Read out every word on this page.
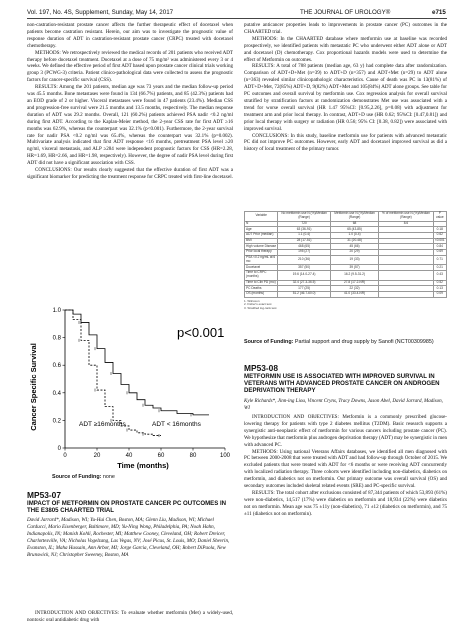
Vol. 197, No. 4S, Supplement, Sunday, May 14, 2017	THE JOURNAL OF UROLOGY®	e715

non-castration-resistant prostate cancer affects the further therapeutic effect of docetaxel when patients become castration resistant. Herein, our aim was to investigate the prognostic value of response duration of ADT in castration-resistant prostate cancer (CRPC) treated with docetaxel chemotherapy.

METHODS: We retrospectively reviewed the medical records of 201 patients who received ADT therapy before docetaxel treatment. Docetaxel at a dose of 75 mg/m² was administered every 3 or 4 weeks. We defined the effective period of first ADT based upon prostate cancer clinical trials working group 3 (PCWG-3) criteria. Patient clinico-pathological data were collected to assess the prognostic factors for cancer-specific survival (CSS).

RESULTS: Among the 201 patients, median age was 73 years and the median follow-up period was 45.5 months. Bone metastases were found in 134 (66.7%) patients, and 85 (42.3%) patients had an EOD grade of 2 or higher. Visceral metastases were found in 47 patients (23.4%). Median CSS and progression-free survival were 21.5 months and 13.5 months, respectively. The median response duration of ADT was 29.2 months. Overall, 121 (60.2%) patients achieved PSA nadir <0.2 ng/ml during first ADT. According to the Kaplan-Meier method, the 2-year CSS rate for first ADT ≥16 months was 62.9%, whereas the counterpart was 32.1% (p<0.001). Furthermore, the 2-year survival rate for nadir PSA <0.2 ng/ml was 65.4%, whereas the counterpart was 32.1% (p=0.002). Multivariate analysis indicated that first ADT response <16 months, pretreatment PSA level ≥20 ng/ml, visceral metastasis, and ALP ≥284 were independent prognostic factors for CSS (HR=2.28, HR=1.69, HR=2.66, and HR=1.98, respectively). However, the degree of nadir PSA level during first ADT did not have a significant association with CSS.

CONCLUSIONS: Our results clearly suggested that the effective duration of first ADT was a significant biomarker for predicting the treatment response for CRPC treated with first-line docetaxel.

0	20	40	60	80	100
0
0.2
0.4
0.6
0.8
1.0
Cancer Specific Survival
Time (months)
p<0.001
ADT ≥16months	ADT < 16months
Source of Funding: none
MP53-07
IMPACT OF METFORMIN ON PROSTATE CANCER PC OUTCOMES IN THE E3805 CHAARTED TRIAL
David Jarrard*, Madison, WI; Yu-Hui Chen, Boston, MA; Glenn Liu, Madison, WI; Michael Carducci, Mario Eisenberger, Baltimore, MD; Yu-Ning Wong, Philadelphia, PA; Noah Hahn, Indianapolis, IN; Manish Kohli, Rochester, MI; Matthew Cooney, Cleveland, OH; Robert Dreicer, Charlottesville, VA; Nicholas Vogelzang, Las Vegas, NV; José Picus, St. Louis, MO; Daniel Shevrin, Evanston, IL; Maha Hussain, Ann Arbor, MI; Jorge Garcia, Cleveland, OH; Robert DiPaola, New Brunswick, NJ; Christopher Sweeney, Boston, MA

INTRODUCTION AND OBJECTIVES: To evaluate whether metformin (Met) a widely-used, nontoxic oral antidiabetic drug with

putative anticancer properties leads to improvements in prostate cancer (PC) outcomes in the CHAARTED trial.

METHODS: In the CHAARTED database where metformin use at baseline was recorded prospectively, we identified patients with metastatic PC who underwent either ADT alone or ADT and docetaxel (D) chemotherapy. Cox proportional hazards models were used to determine the effect of Metformin on outcomes.

RESULTS: A total of 788 patients (median age, 63 y) had complete data after randomization. Comparison of ADT+D+Met (n=39) to ADT+D (n=357) and ADT+Met (n=29) to ADT alone (n=363) revealed similar clinicopathologic characteristics. Cause of death was PC in 13(81%) of ADT+D+Met, 72(85%) ADT+D, 9(82%) ADT+Met and 105(84%) ADT alone groups. See table for PC outcomes and overall survival by metformin use. Cox regression analysis for overall survival stratified by stratification factors at randomization demonstrates Met use was associated with a trend for worse overall survival (HR 1.47 95%CI: [0.95,2.26], p=0.08) with adjustment for treatment arm and prior local therapy. In contrast, ADT+D use (HR 0.62; 95%CI: [0.47,0.81]) and prior local therapy with surgery or radiation (HR 0.56; 95% CI: [0.38, 0.82]) were associated with improved survival.

CONCLUSIONS: In this study, baseline metformin use for patients with advanced metastatic PC did not improve PC outcomes. However, early ADT and docetaxel improved survival as did a history of local treatment of the primary tumor.

Variable	No metformin use N (%)/Median (Range)	Metformin use N (%)/Median (Range)	% of metformin use N (%)/Median (Range)	P value
N	720	68	8.6	
Age	63 (36-91)	65 (43-85)		0.18
ADT Prior (median)	1.1 (0-4)	1.0 (0-4)		0.62
BMI	28 (17-51)	31 (20-48)		<0.001
High volume Disease	468 (65)	45 (66)		0.84
Prior local therapy	195 (27)	20 (29)		0.69
PSA <0.2 ng/mL at 6 mo	210 (36)	19 (33)		0.71
Docetaxel	357 (50)	39 (57)		0.21
Time to CRPC (months)	19.6 (14.0-27.4)	16.2 (9.5-31.2)		0.43
Time to Clin PD (mo)	32.4 (27.3-36.5)	27.8 (17.2-NR)		0.52
PC Deaths	177 (25)	22 (32)		0.13
OS (months)	51.2 (46.7-60.0)	41.0 (33.4-NR)		0.09
1. Wilcoxon
2. Fisher's exact test
3. Stratified log-rank test
Source of Funding: Partial support and drug supply by Sanofi (NCT00309985)
MP53-08
METFORMIN USE IS ASSOCIATED WITH IMPROVED SURVIVAL IN VETERANS WITH ADVANCED PROSTATE CANCER ON ANDROGEN DEPRIVATION THERAPY
Kyle Richards*, Jinn-ing Liou, Vincent Cryns, Tracy Downs, Jason Abel, David Jarrard, Madison, WI

INTRODUCTION AND OBJECTIVES: Metformin is a commonly prescribed glucose-lowering therapy for patients with type 2 diabetes mellitus (T2DM). Basic research supports a synergistic anti-neoplastic effect of metformin for various cancers including prostate cancer (PC). We hypothesize that metformin plus androgen deprivation therapy (ADT) may be synergistic in men with advanced PC.

METHODS: Using national Veterans Affairs databases, we identified all men diagnosed with PC between 2000-2008 that were treated with ADT and had follow-up through October of 2015. We excluded patients that were treated with ADT for <6 months or were receiving ADT concurrently with localized radiation therapy. Three cohorts were identified including non-diabetics, diabetics on metformin, and diabetics not on metformin. Our primary outcome was overall survival (OS) and secondary outcomes included skeletal related events (SRE) and PC-specific survival.

RESULTS: The total cohort after exclusions consisted of 87,344 patients of which 53,893 (61%) were non-diabetics, 14,517 (17%) were diabetics on metformin and 18,934 (22%) were diabetics not on metformin. Mean age was 75 ±11y (non-diabetics), 71 ±12 (diabetics on metformin), and 75 ±11 (diabetics not on metformin).
